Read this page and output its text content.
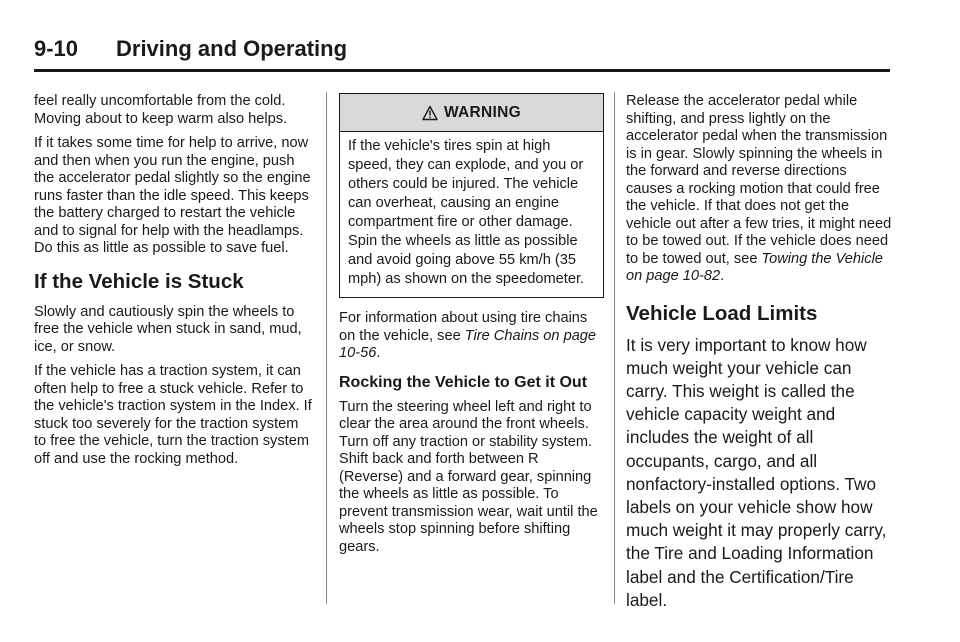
9-10 Driving and Operating

feel really uncomfortable from the cold. Moving about to keep warm also helps.

If it takes some time for help to arrive, now and then when you run the engine, push the accelerator pedal slightly so the engine runs faster than the idle speed. This keeps the battery charged to restart the vehicle and to signal for help with the headlamps. Do this as little as possible to save fuel.

If the Vehicle is Stuck

Slowly and cautiously spin the wheels to free the vehicle when stuck in sand, mud, ice, or snow.

If the vehicle has a traction system, it can often help to free a stuck vehicle. Refer to the vehicle's traction system in the Index. If stuck too severely for the traction system to free the vehicle, turn the traction system off and use the rocking method.

WARNING
If the vehicle's tires spin at high speed, they can explode, and you or others could be injured. The vehicle can overheat, causing an engine compartment fire or other damage. Spin the wheels as little as possible and avoid going above 55 km/h (35 mph) as shown on the speedometer.

For information about using tire chains on the vehicle, see Tire Chains on page 10-56.

Rocking the Vehicle to Get it Out

Turn the steering wheel left and right to clear the area around the front wheels. Turn off any traction or stability system. Shift back and forth between R (Reverse) and a forward gear, spinning the wheels as little as possible. To prevent transmission wear, wait until the wheels stop spinning before shifting gears.

Release the accelerator pedal while shifting, and press lightly on the accelerator pedal when the transmission is in gear. Slowly spinning the wheels in the forward and reverse directions causes a rocking motion that could free the vehicle. If that does not get the vehicle out after a few tries, it might need to be towed out. If the vehicle does need to be towed out, see Towing the Vehicle on page 10-82.

Vehicle Load Limits

It is very important to know how much weight your vehicle can carry. This weight is called the vehicle capacity weight and includes the weight of all occupants, cargo, and all nonfactory-installed options. Two labels on your vehicle show how much weight it may properly carry, the Tire and Loading Information label and the Certification/Tire label.
